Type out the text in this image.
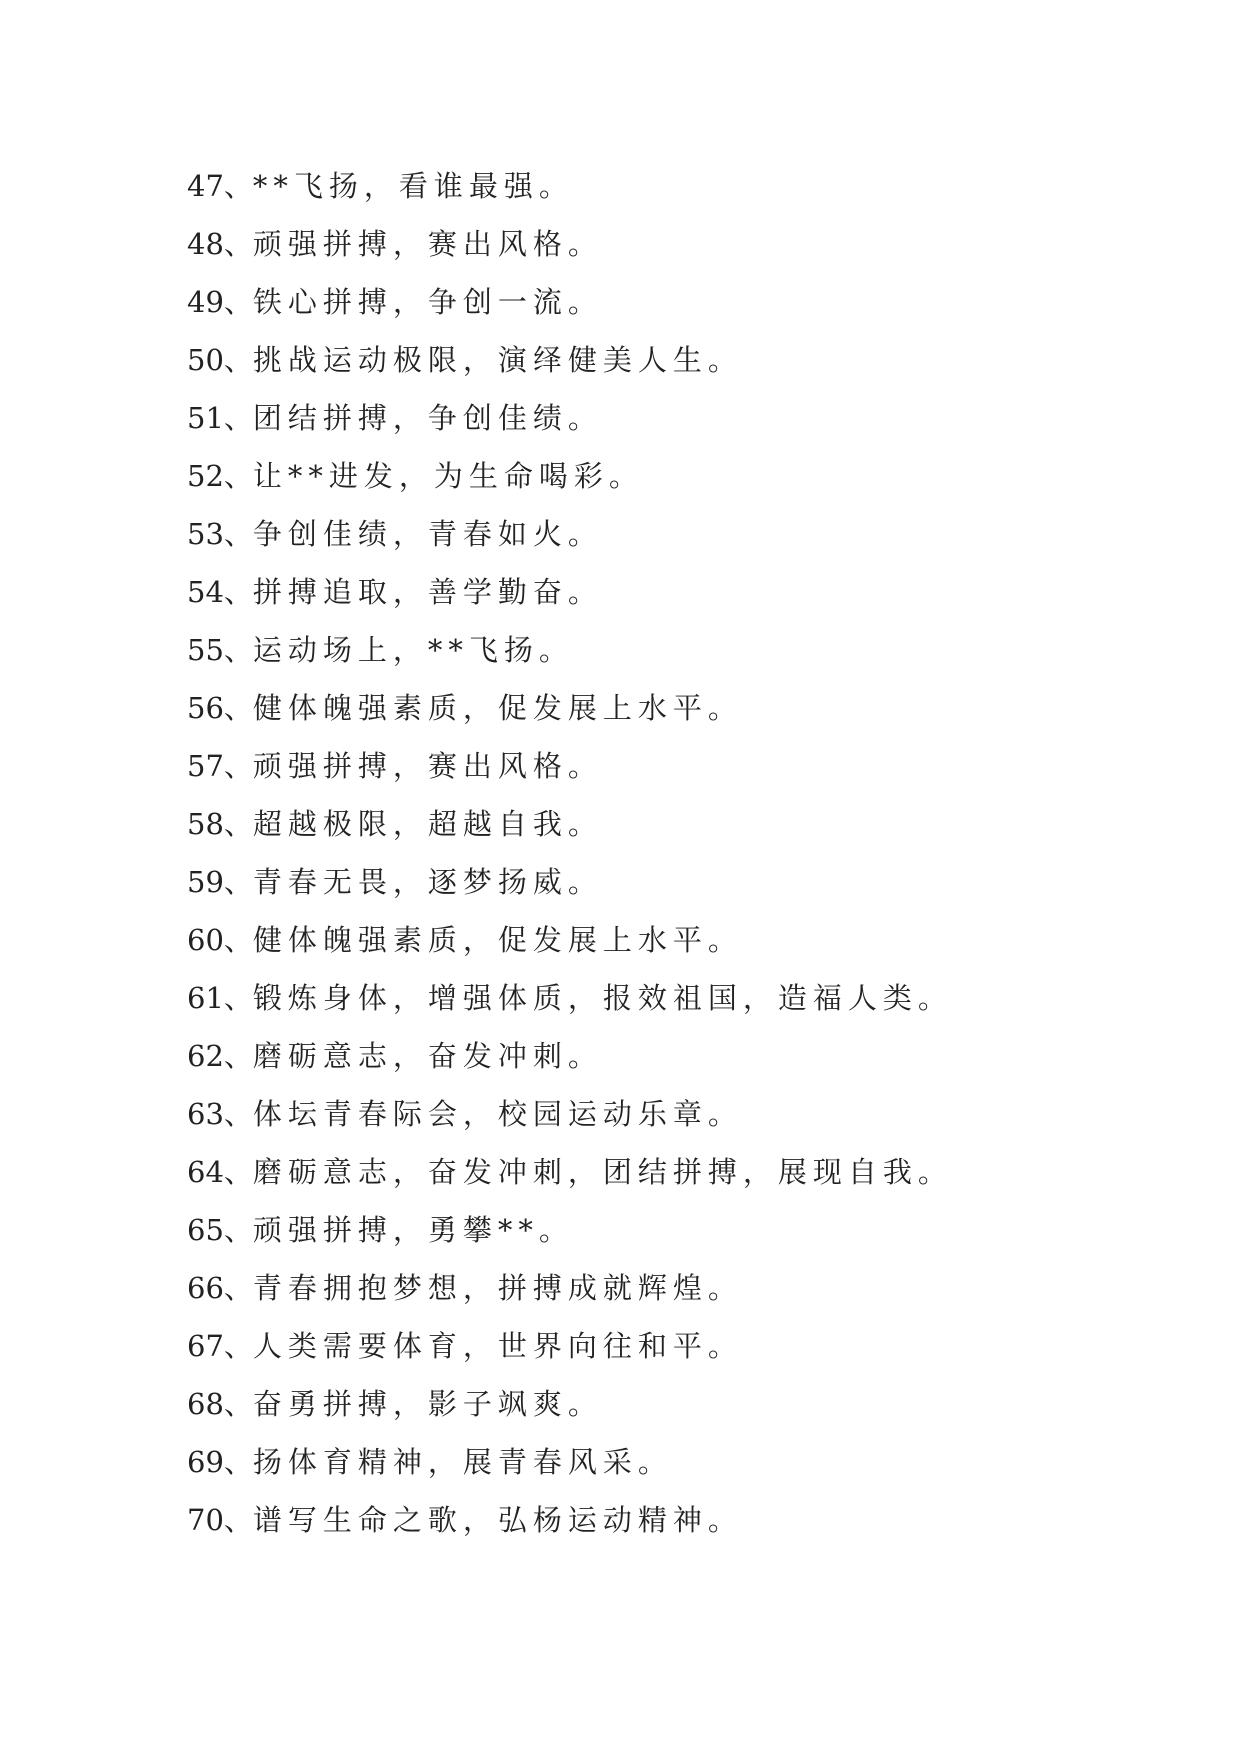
47、**飞扬，看谁最强。
48、顽强拼搏，赛出风格。
49、铁心拼搏，争创一流。
50、挑战运动极限，演绎健美人生。
51、团结拼搏，争创佳绩。
52、让**进发，为生命喝彩。
53、争创佳绩，青春如火。
54、拼搏追取，善学勤奋。
55、运动场上，**飞扬。
56、健体魄强素质，促发展上水平。
57、顽强拼搏，赛出风格。
58、超越极限，超越自我。
59、青春无畏，逐梦扬威。
60、健体魄强素质，促发展上水平。
61、锻炼身体，增强体质，报效祖国，造福人类。
62、磨砺意志，奋发冲刺。
63、体坛青春际会，校园运动乐章。
64、磨砺意志，奋发冲刺，团结拼搏，展现自我。
65、顽强拼搏，勇攀**。
66、青春拥抱梦想，拼搏成就辉煌。
67、人类需要体育，世界向往和平。
68、奋勇拼搏，影子飒爽。
69、扬体育精神，展青春风采。
70、谱写生命之歌，弘杨运动精神。
